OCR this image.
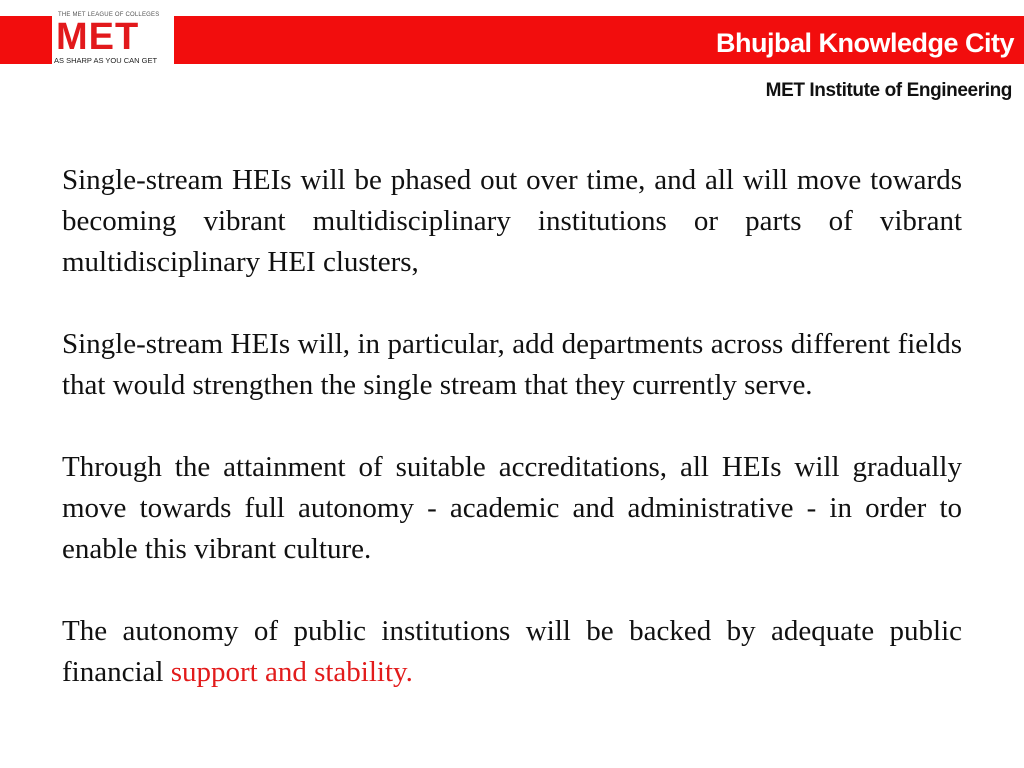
THE MET LEAGUE OF COLLEGES
MET
AS SHARP AS YOU CAN GET
Bhujbal Knowledge City
MET Institute of Engineering

Single-stream HEIs will be phased out over time, and all will move towards becoming vibrant multidisciplinary institutions or parts of vibrant multidisciplinary HEI clusters,

Single-stream HEIs will, in particular, add departments across different fields that would strengthen the single stream that they currently serve.

Through the attainment of suitable accreditations, all HEIs will gradually move towards full autonomy - academic and administrative - in order to enable this vibrant culture.

The autonomy of public institutions will be backed by adequate public financial support and stability.
